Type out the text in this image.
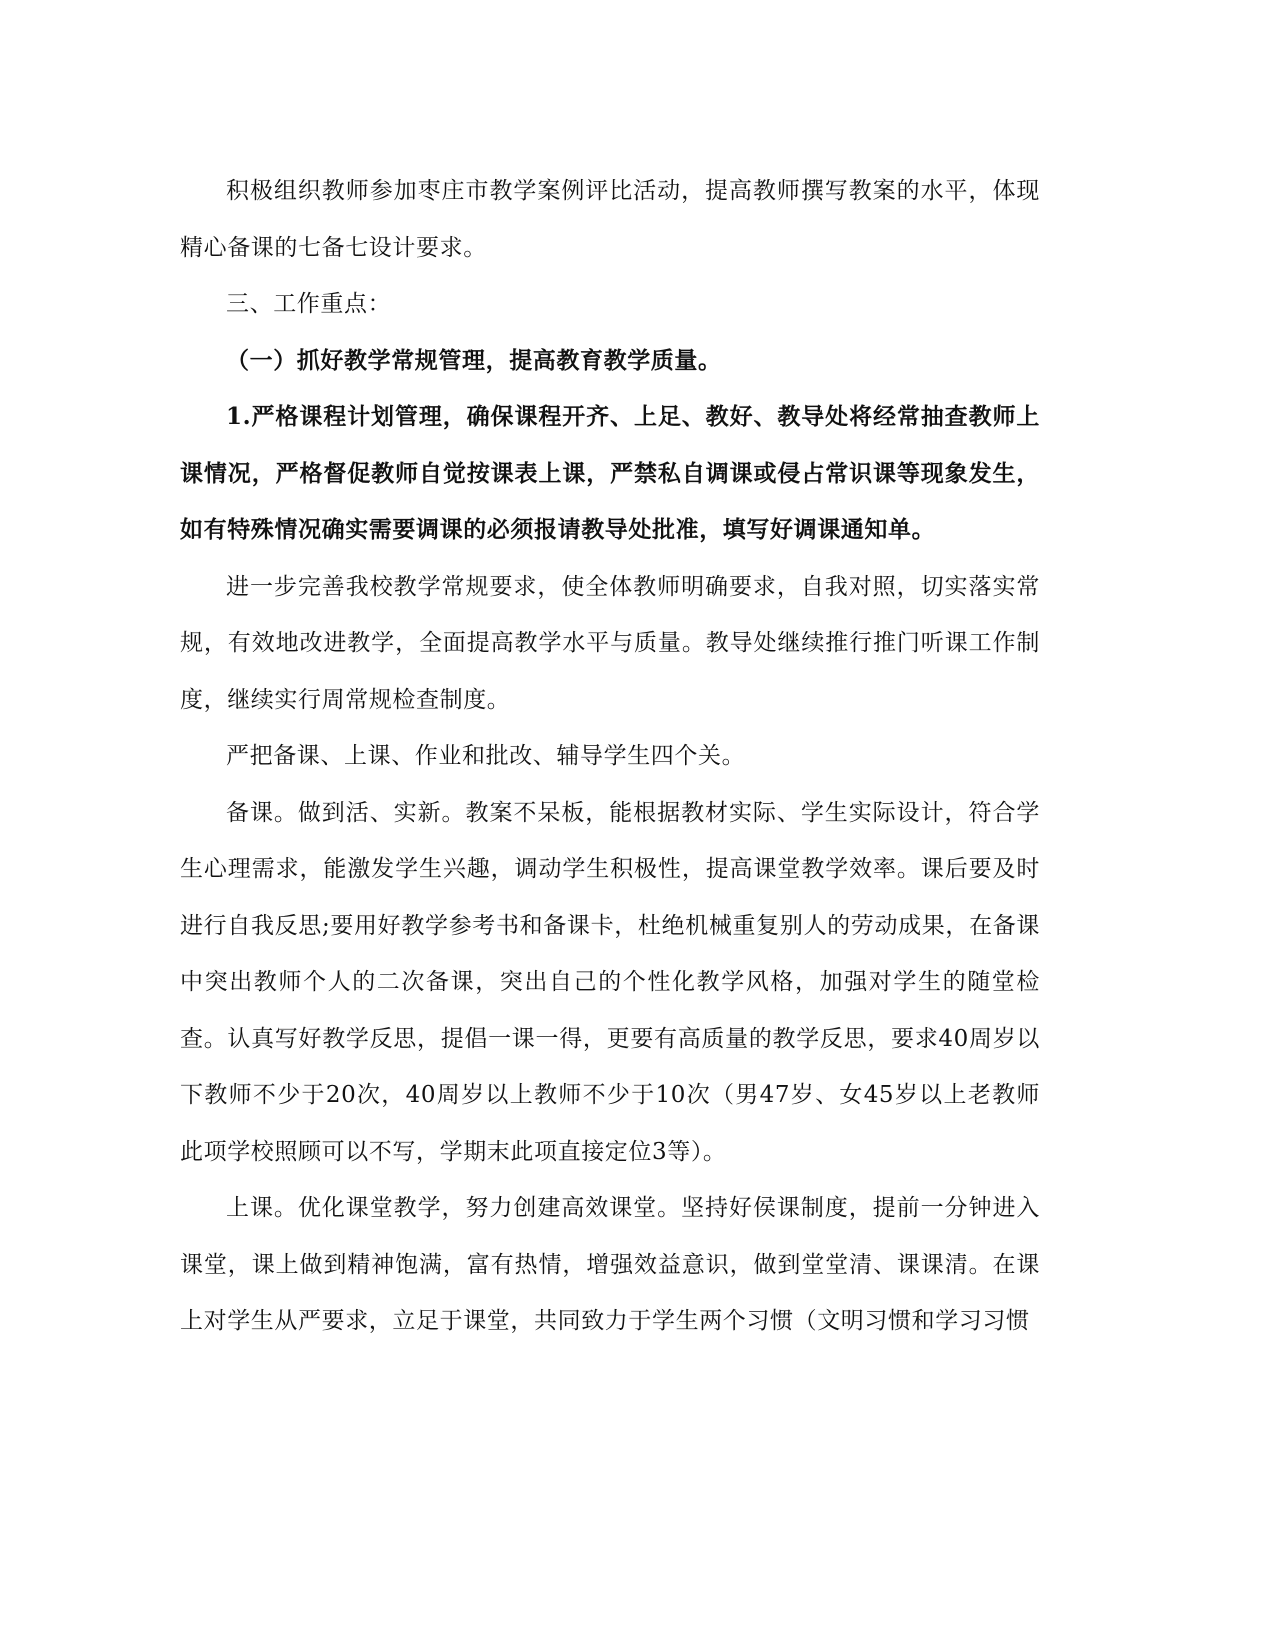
积极组织教师参加枣庄市教学案例评比活动，提高教师撰写教案的水平，体现精心备课的七备七设计要求。

三、工作重点：

（一）抓好教学常规管理，提高教育教学质量。

1.严格课程计划管理，确保课程开齐、上足、教好、教导处将经常抽查教师上课情况，严格督促教师自觉按课表上课，严禁私自调课或侵占常识课等现象发生，如有特殊情况确实需要调课的必须报请教导处批准，填写好调课通知单。

进一步完善我校教学常规要求，使全体教师明确要求，自我对照，切实落实常规，有效地改进教学，全面提高教学水平与质量。教导处继续推行推门听课工作制度，继续实行周常规检查制度。

严把备课、上课、作业和批改、辅导学生四个关。

备课。做到活、实新。教案不呆板，能根据教材实际、学生实际设计，符合学生心理需求，能激发学生兴趣，调动学生积极性，提高课堂教学效率。课后要及时进行自我反思;要用好教学参考书和备课卡，杜绝机械重复别人的劳动成果，在备课中突出教师个人的二次备课，突出自己的个性化教学风格，加强对学生的随堂检查。认真写好教学反思，提倡一课一得，更要有高质量的教学反思，要求40周岁以下教师不少于20次，40周岁以上教师不少于10次（男47岁、女45岁以上老教师此项学校照顾可以不写，学期末此项直接定位3等）。

上课。优化课堂教学，努力创建高效课堂。坚持好侯课制度，提前一分钟进入课堂，课上做到精神饱满，富有热情，增强效益意识，做到堂堂清、课课清。在课上对学生从严要求，立足于课堂，共同致力于学生两个习惯（文明习惯和学习习惯
